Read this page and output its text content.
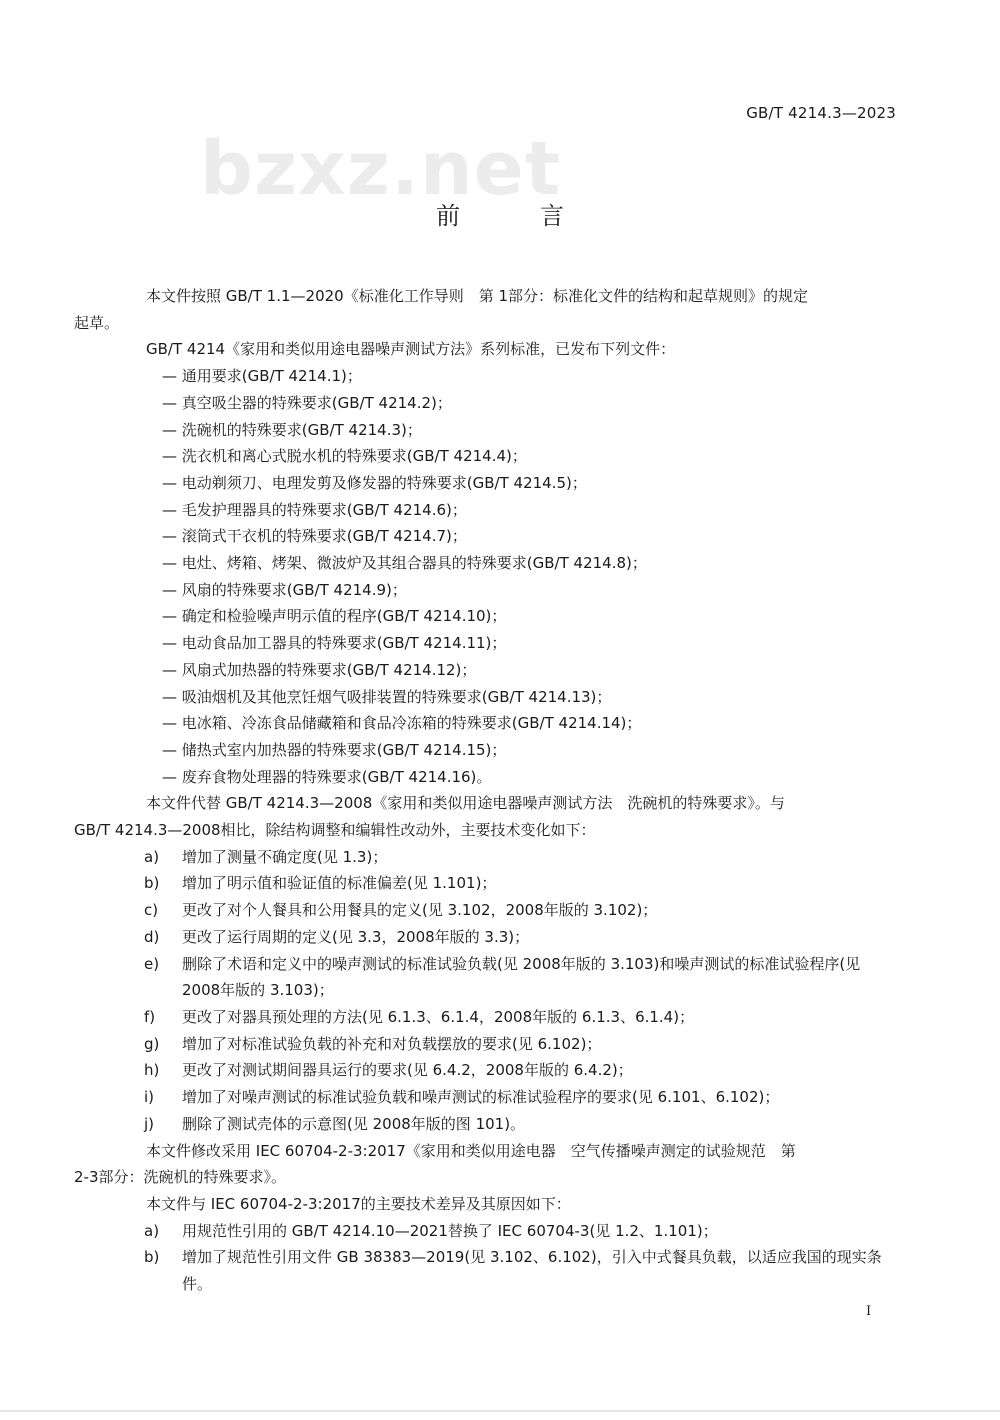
GB/T 4214.3—2023
bzxz.net
前　言
本文件按照 GB/T 1.1—2020《标准化工作导则　第 1部分：标准化文件的结构和起草规则》的规定
起草。
GB/T 4214《家用和类似用途电器噪声测试方法》系列标准，已发布下列文件：
— 通用要求(GB/T 4214.1)；
— 真空吸尘器的特殊要求(GB/T 4214.2)；
— 洗碗机的特殊要求(GB/T 4214.3)；
— 洗衣机和离心式脱水机的特殊要求(GB/T 4214.4)；
— 电动剃须刀、电理发剪及修发器的特殊要求(GB/T 4214.5)；
— 毛发护理器具的特殊要求(GB/T 4214.6)；
— 滚筒式干衣机的特殊要求(GB/T 4214.7)；
— 电灶、烤箱、烤架、微波炉及其组合器具的特殊要求(GB/T 4214.8)；
— 风扇的特殊要求(GB/T 4214.9)；
— 确定和检验噪声明示值的程序(GB/T 4214.10)；
— 电动食品加工器具的特殊要求(GB/T 4214.11)；
— 风扇式加热器的特殊要求(GB/T 4214.12)；
— 吸油烟机及其他烹饪烟气吸排装置的特殊要求(GB/T 4214.13)；
— 电冰箱、冷冻食品储藏箱和食品冷冻箱的特殊要求(GB/T 4214.14)；
— 储热式室内加热器的特殊要求(GB/T 4214.15)；
— 废弃食物处理器的特殊要求(GB/T 4214.16)。
本文件代替 GB/T 4214.3—2008《家用和类似用途电器噪声测试方法　洗碗机的特殊要求》。与
GB/T 4214.3—2008相比，除结构调整和编辑性改动外，主要技术变化如下：
a)	增加了测量不确定度(见 1.3)；
b)	增加了明示值和验证值的标准偏差(见 1.101)；
c)	更改了对个人餐具和公用餐具的定义(见 3.102，2008年版的 3.102)；
d)	更改了运行周期的定义(见 3.3，2008年版的 3.3)；
e)	删除了术语和定义中的噪声测试的标准试验负载(见 2008年版的 3.103)和噪声测试的标准试验程序(见 2008年版的 3.103)；
f)	更改了对器具预处理的方法(见 6.1.3、6.1.4，2008年版的 6.1.3、6.1.4)；
g)	增加了对标准试验负载的补充和对负载摆放的要求(见 6.102)；
h)	更改了对测试期间器具运行的要求(见 6.4.2，2008年版的 6.4.2)；
i)	增加了对噪声测试的标准试验负载和噪声测试的标准试验程序的要求(见 6.101、6.102)；
j)	删除了测试壳体的示意图(见 2008年版的图 101)。
本文件修改采用 IEC 60704-2-3:2017《家用和类似用途电器　空气传播噪声测定的试验规范　第
2-3部分：洗碗机的特殊要求》。
本文件与 IEC 60704-2-3:2017的主要技术差异及其原因如下：
a)	用规范性引用的 GB/T 4214.10—2021替换了 IEC 60704-3(见 1.2、1.101)；
b)	增加了规范性引用文件 GB 38383—2019(见 3.102、6.102)，引入中式餐具负载，以适应我国的现实条件。
I
